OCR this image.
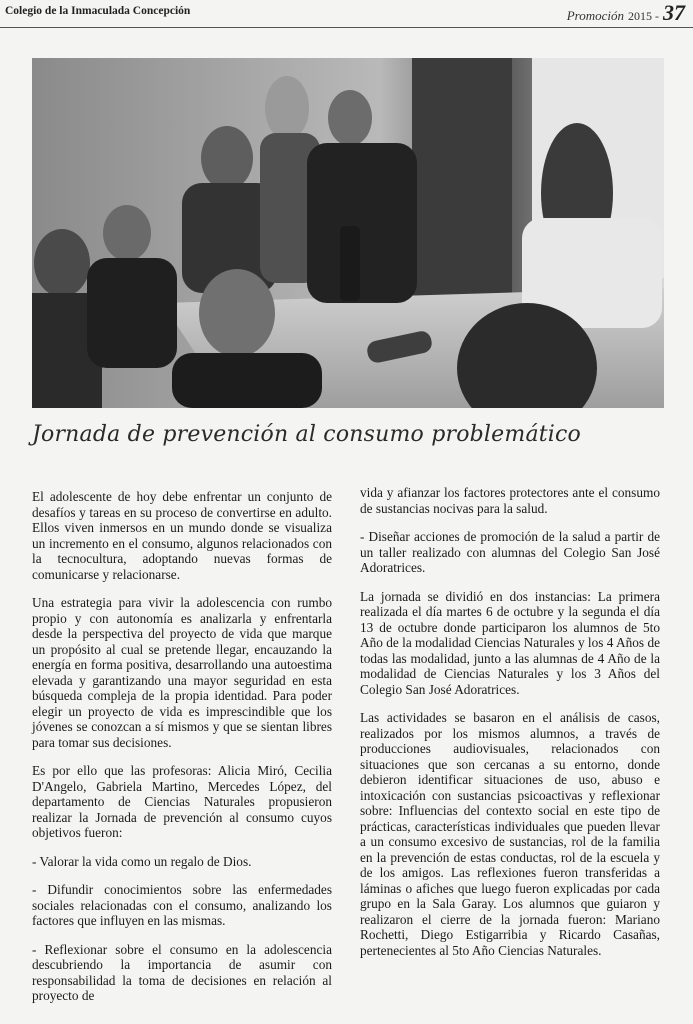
Colegio de la Inmaculada Concepción	Promoción 2015 - 37
Jornada de prevención al consumo problemático

El adolescente de hoy debe enfrentar un conjunto de desafíos y tareas en su proceso de convertirse en adulto. Ellos viven inmersos en un mundo donde se visualiza un incremento en el consumo, algunos relacionados con la tecnocultura, adoptando nuevas formas de comunicarse y relacionarse.

Una estrategia para vivir la adolescencia con rumbo propio y con autonomía es analizarla y enfrentarla desde la perspectiva del proyecto de vida que marque un propósito al cual se pretende llegar, encauzando la energía en forma positiva, desarrollando una autoestima elevada y garantizando una mayor seguridad en esta búsqueda compleja de la propia identidad. Para poder elegir un proyecto de vida es imprescindible que los jóvenes se conozcan a sí mismos y que se sientan libres para tomar sus decisiones.

Es por ello que las profesoras: Alicia Miró, Cecilia D'Angelo, Gabriela Martino, Mercedes López, del departamento de Ciencias Naturales propusieron realizar la Jornada de prevención al consumo cuyos objetivos fueron:

- Valorar la vida como un regalo de Dios.

- Difundir conocimientos sobre las enfermedades sociales relacionadas con el consumo, analizando los factores que influyen en las mismas.

- Reflexionar sobre el consumo en la adolescencia descubriendo la importancia de asumir con responsabilidad la toma de decisiones en relación al proyecto de

vida y afianzar los factores protectores ante el consumo de sustancias nocivas para la salud.

- Diseñar acciones de promoción de la salud a partir de un taller realizado con alumnas del Colegio San José Adoratrices.

La jornada se dividió en dos instancias: La primera realizada el día martes 6 de octubre y la segunda el día 13 de octubre donde participaron los alumnos de 5to Año de la modalidad Ciencias Naturales y los 4 Años de todas las modalidad, junto a las alumnas de 4 Año de la modalidad de Ciencias Naturales y los 3 Años del Colegio San José Adoratrices.

Las actividades se basaron en el análisis de casos, realizados por los mismos alumnos, a través de producciones audiovisuales, relacionados con situaciones que son cercanas a su entorno, donde debieron identificar situaciones de uso, abuso e intoxicación con sustancias psicoactivas y reflexionar sobre: Influencias del contexto social en este tipo de prácticas, características individuales que pueden llevar a un consumo excesivo de sustancias, rol de la familia en la prevención de estas conductas, rol de la escuela y de los amigos. Las reflexiones fueron transferidas a láminas o afiches que luego fueron explicadas por cada grupo en la Sala Garay. Los alumnos que guiaron y realizaron el cierre de la jornada fueron: Mariano Rochetti, Diego Estigarribia y Ricardo Casañas, pertenecientes al 5to Año Ciencias Naturales.
